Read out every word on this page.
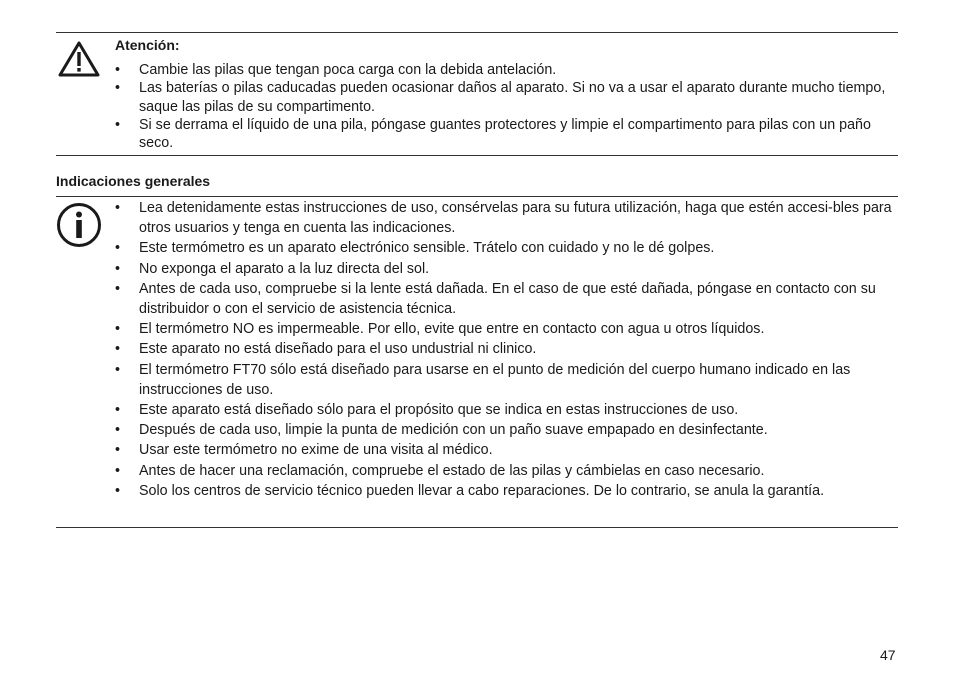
Atención:
• Cambie las pilas que tengan poca carga con la debida antelación.
• Las baterías o pilas caducadas pueden ocasionar daños al aparato. Si no va a usar el aparato durante mucho tiempo, saque las pilas de su compartimento.
• Si se derrama el líquido de una pila, póngase guantes protectores y limpie el compartimento para pilas con un paño seco.
Indicaciones generales
• Lea detenidamente estas instrucciones de uso, consérvelas para su futura utilización, haga que estén accesi-bles para otros usuarios y tenga en cuenta las indicaciones.
• Este termómetro es un aparato electrónico sensible. Trátelo con cuidado y no le dé golpes.
• No exponga el aparato a la luz directa del sol.
• Antes de cada uso, compruebe si la lente está dañada. En el caso de que esté dañada, póngase en contacto con su distribuidor o con el servicio de asistencia técnica.
• El termómetro NO es impermeable. Por ello, evite que entre en contacto con agua u otros líquidos.
• Este aparato no está diseñado para el uso undustrial ni clinico.
• El termómetro FT70 sólo está diseñado para usarse en el punto de medición del cuerpo humano indicado en las instrucciones de uso.
• Este aparato está diseñado sólo para el propósito que se indica en estas instrucciones de uso.
• Después de cada uso, limpie la punta de medición con un paño suave empapado en desinfectante.
• Usar este termómetro no exime de una visita al médico.
• Antes de hacer una reclamación, compruebe el estado de las pilas y cámbielas en caso necesario.
• Solo los centros de servicio técnico pueden llevar a cabo reparaciones. De lo contrario, se anula la garantía.
47
